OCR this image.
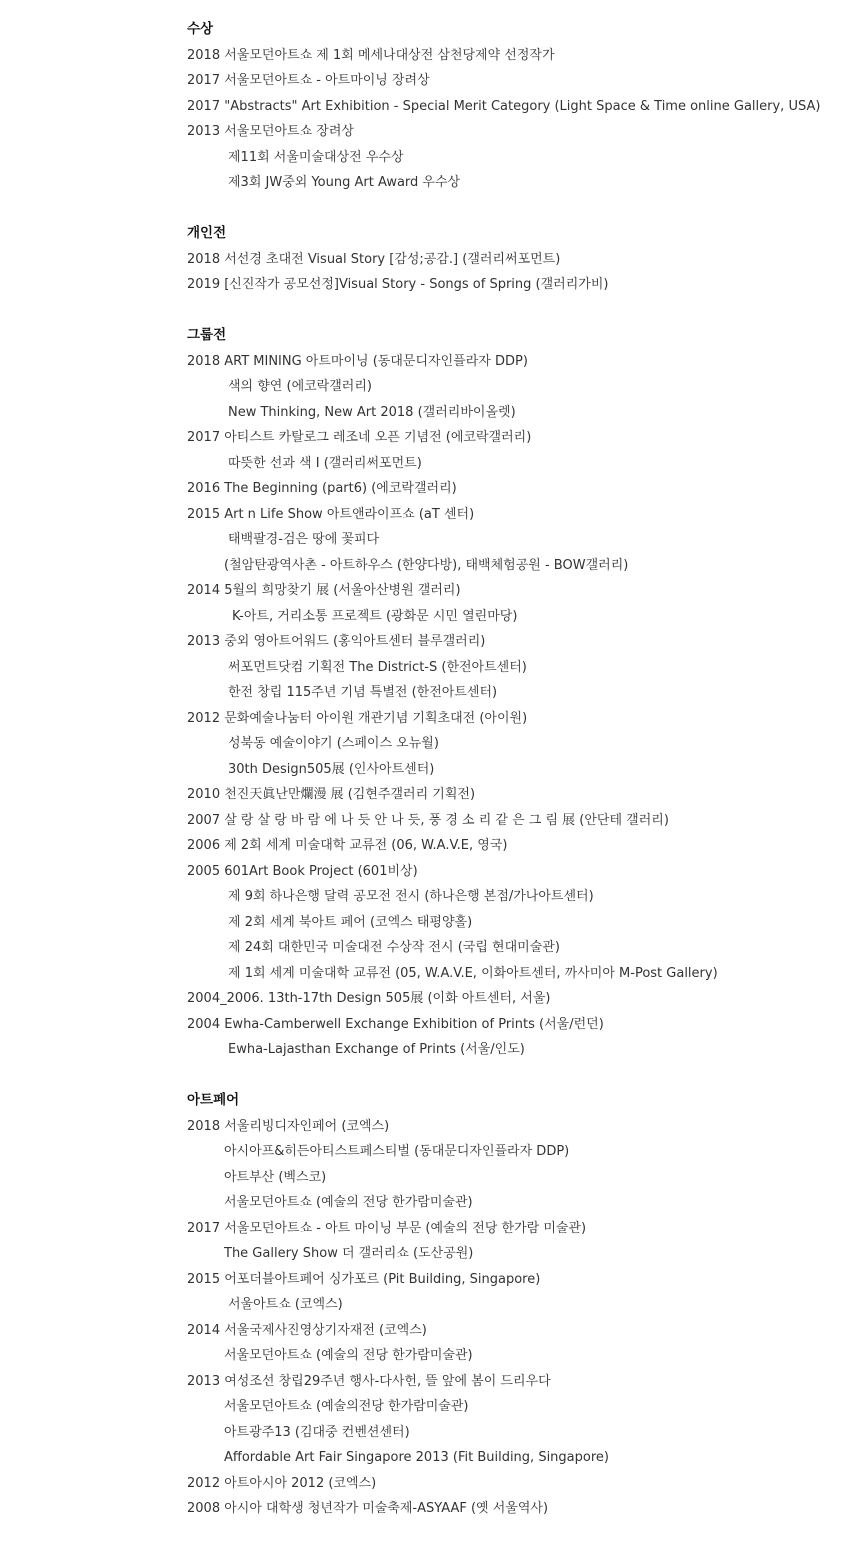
수상
2018 서울모던아트쇼 제 1회 메세나대상전 삼천당제약 선정작가
2017 서울모던아트쇼 - 아트마이닝 장려상
2017 "Abstracts" Art Exhibition - Special Merit Category (Light Space & Time online Gallery, USA)
2013 서울모던아트쇼 장려상
제11회 서울미술대상전 우수상
제3회 JW중외 Young Art Award 우수상
개인전
2018 서선경 초대전 Visual Story [감성;공감.] (갤러리써포먼트)
2019 [신진작가 공모선정]Visual Story - Songs of Spring (갤러리가비)
그룹전
2018 ART MINING 아트마이닝 (동대문디자인플라자 DDP)
색의 향연 (에코락갤러리)
New Thinking, New Art 2018 (갤러리바이올렛)
2017 아티스트 카탈로그 레조네 오픈 기념전 (에코락갤러리)
따뜻한 선과 색 I (갤러리써포먼트)
2016 The Beginning (part6) (에코락갤러리)
2015 Art n Life Show 아트앤라이프쇼 (aT 센터)
태백팔경-검은 땅에 꽃피다
(철암탄광역사촌 - 아트하우스 (한양다방), 태백체험공원 - BOW갤러리)
2014 5월의 희망찾기 展 (서울아산병원 갤러리)
K-아트, 거리소통 프로젝트 (광화문 시민 열린마당)
2013 중외 영아트어워드 (홍익아트센터 블루갤러리)
써포먼트닷컴 기획전 The District-S (한전아트센터)
한전 창립 115주년 기념 특별전 (한전아트센터)
2012 문화예술나눔터 아이원 개관기념 기획초대전 (아이원)
성북동 예술이야기 (스페이스 오뉴월)
30th Design505展 (인사아트센터)
2010 천진天眞난만爛漫 展 (김현주갤러리 기획전)
2007 살 랑 살 랑 바 람 에 나 듯 안 나 듯, 풍 경 소 리 같 은 그 림 展 (안단테 갤러리)
2006 제 2회 세계 미술대학 교류전 (06, W.A.V.E, 영국)
2005 601Art Book Project (601비상)
제 9회 하나은행 달력 공모전 전시 (하나은행 본점/가나아트센터)
제 2회 세계 북아트 페어 (코엑스 태평양홀)
제 24회 대한민국 미술대전 수상작 전시 (국립 현대미술관)
제 1회 세계 미술대학 교류전 (05, W.A.V.E, 이화아트센터, 까사미아 M-Post Gallery)
2004_2006. 13th-17th Design 505展 (이화 아트센터, 서울)
2004 Ewha-Camberwell Exchange Exhibition of Prints (서울/런던)
Ewha-Lajasthan Exchange of Prints (서울/인도)
아트페어
2018 서울리빙디자인페어 (코엑스)
아시아프&히든아티스트페스티벌 (동대문디자인플라자 DDP)
아트부산 (벡스코)
서울모던아트쇼 (예술의 전당 한가람미술관)
2017 서울모던아트쇼 - 아트 마이닝 부문 (예술의 전당 한가람 미술관)
The Gallery Show 더 갤러리쇼 (도산공원)
2015 어포더블아트페어 싱가포르 (Pit Building, Singapore)
서울아트쇼 (코엑스)
2014 서울국제사진영상기자재전 (코엑스)
서울모던아트쇼 (예술의 전당 한가람미술관)
2013 여성조선 창립29주년 행사-다사헌, 뜰 앞에 봄이 드리우다
서울모던아트쇼 (예술의전당 한가람미술관)
아트광주13 (김대중 컨벤션센터)
Affordable Art Fair Singapore 2013 (Fit Building, Singapore)
2012 아트아시아 2012 (코엑스)
2008 아시아 대학생 청년작가 미술축제-ASYAAF (옛 서울역사)
